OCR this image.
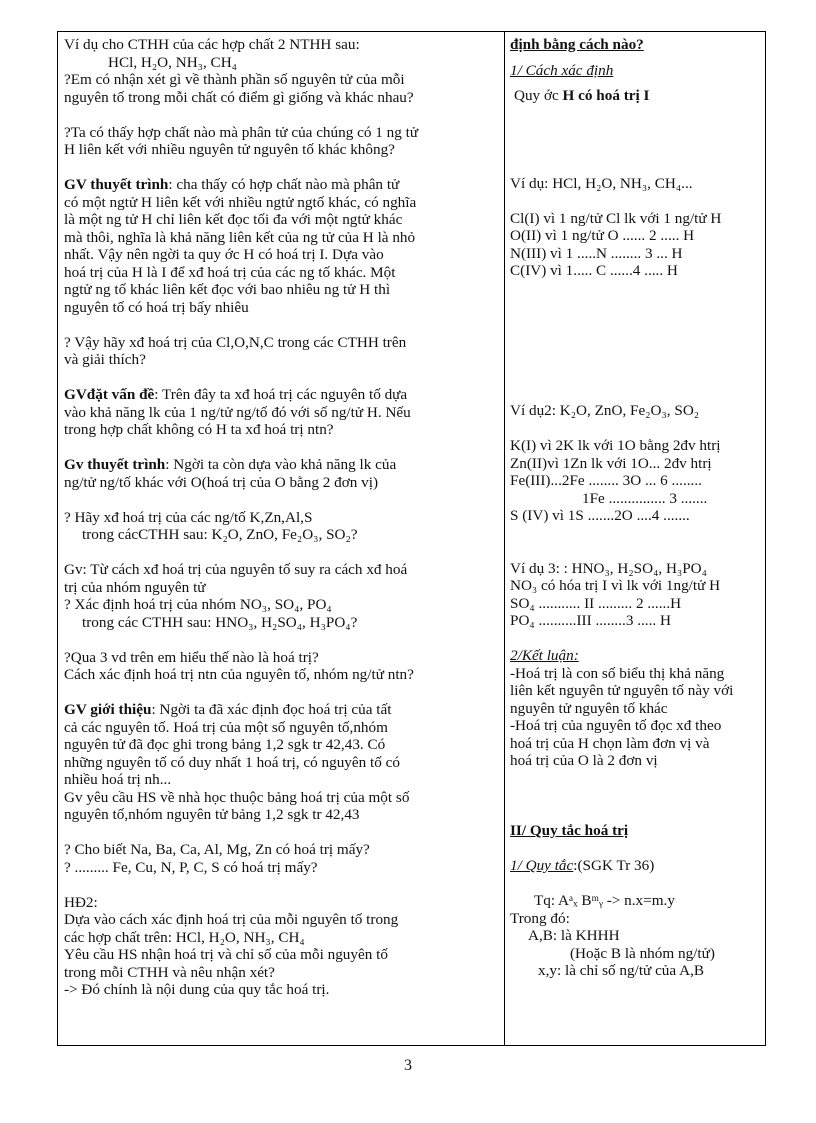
Ví dụ cho CTHH của các hợp chất 2 NTHH sau:
HCl, H₂O, NH₃, CH₄
?Em có nhận xét gì về thành phần số nguyên tử của mỗi
nguyên tố trong mỗi chất có điểm gì giống và khác nhau?
?Ta có thấy hợp chất nào mà phân tử của chúng có 1 ng tử
H liên kết với nhiều nguyên tử nguyên tố khác không?
GV thuyết trình: cha thấy có hợp chất nào mà phân tử
có một ngtử H liên kết với nhiều ngtử ngtố khác, có nghĩa
là một ng tử H chỉ liên kết đọc tối đa với một ngtử khác
mà thôi, nghĩa là khả năng liên kết của ng tử của H là nhỏ
nhất. Vậy nên ngời ta quy ớc H có hoá trị I. Dựa vào
hoá trị của H là I để xđ hoá trị của các ng tố khác. Một
ngtử ng tố khác liên kết đọc với bao nhiêu ng tử H thì
nguyên tố có hoá trị bấy nhiêu
? Vậy hãy xđ hoá trị của Cl,O,N,C trong các CTHH trên
và giải thích?
GVđặt vấn đề: Trên đây ta xđ hoá trị các nguyên tố dựa
vào khả năng lk của 1 ng/tử ng/tố đó với số ng/tử H. Nếu
trong hợp chất không có H ta xđ hoá trị ntn?
Gv thuyết trình: Ngời ta còn dựa vào khả năng lk của
ng/tử ng/tố khác với O(hoá trị của O bằng 2 đơn vị)
? Hãy xđ hoá trị của các ng/tố K,Zn,Al,S
trong cácCTHH sau: K₂O, ZnO, Fe₂O₃, SO₂?
Gv: Từ cách xđ hoá trị của nguyên tố suy ra cách xđ hoá
trị của nhóm nguyên tử
? Xác định hoá trị của nhóm NO₃, SO₄, PO₄
trong các CTHH sau: HNO₃, H₂SO₄, H₃PO₄?
?Qua 3 vd trên em hiểu thế nào là hoá trị?
Cách xác định hoá trị ntn của nguyên tố, nhóm ng/tử ntn?
GV giới thiệu: Ngời ta đã xác định đọc hoá trị của tất
cả các nguyên tố. Hoá trị của một số nguyên tố,nhóm
nguyên tử đã đọc ghi trong bảng 1,2 sgk tr 42,43. Có
những nguyên tố có duy nhất 1 hoá trị, có nguyên tố có
nhiều hoá trị nh...
Gv yêu cầu HS về nhà học thuộc bảng hoá trị của một số
nguyên tố,nhóm nguyên tử bảng 1,2 sgk tr 42,43
? Cho biết Na, Ba, Ca, Al, Mg, Zn có hoá trị mấy?
? ......... Fe, Cu, N, P, C, S có hoá trị mấy?
HĐ2:
Dựa vào cách xác định hoá trị của mỗi nguyên tố trong
các hợp chất trên: HCl, H₂O, NH₃, CH₄
Yêu cầu HS nhận hoá trị và chỉ số của mỗi nguyên tố
trong mỗi CTHH và nêu nhận xét?
-> Đó chính là nội dung của quy tắc hoá trị.
định bằng cách nào?
1/ Cách xác định
Quy ớc H có hoá trị I
Ví dụ: HCl, H₂O, NH₃, CH₄...
Cl(I) vì 1 ng/tử Cl lk với 1 ng/tử H
O(II) vì 1 ng/tử O ...... 2 ..... H
N(III) vì 1 .....N ........ 3 ... H
C(IV) vì 1..... C ......4 ..... H
Ví dụ2: K₂O, ZnO, Fe₂O₃, SO₂
K(I) vì 2K lk với 1O bằng 2đv htrị
Zn(II)vì 1Zn lk với 1O... 2đv htrị
Fe(III)...2Fe ........ 3O ... 6 ........
1Fe ............... 3 .......
S (IV) vì 1S .......2O ....4 .......
Ví dụ 3: : HNO₃, H₂SO₄, H₃PO₄
NO₃ có hóa trị I vì lk với 1ng/tử H
SO₄ ........... II ......... 2 ......H
PO₄ ..........III ........3 ..... H
2/Kết luận:
-Hoá trị là con số biểu thị khả năng
liên kết nguyên tử nguyên tố này với
nguyên tử nguyên tố khác
-Hoá trị của nguyên tố đọc xđ theo
hoá trị của H chọn làm đơn vị và
hoá trị của O là 2 đơn vị
II/ Quy tắc hoá trị
1/ Quy tắc:(SGK Tr 36)
Tq: Aᵃₓ Bᵐᵧ -> n.x=m.y
Trong đó:
A,B: là KHHH
(Hoặc B là nhóm ng/tử)
x,y: là chỉ số ng/tử của A,B
3
